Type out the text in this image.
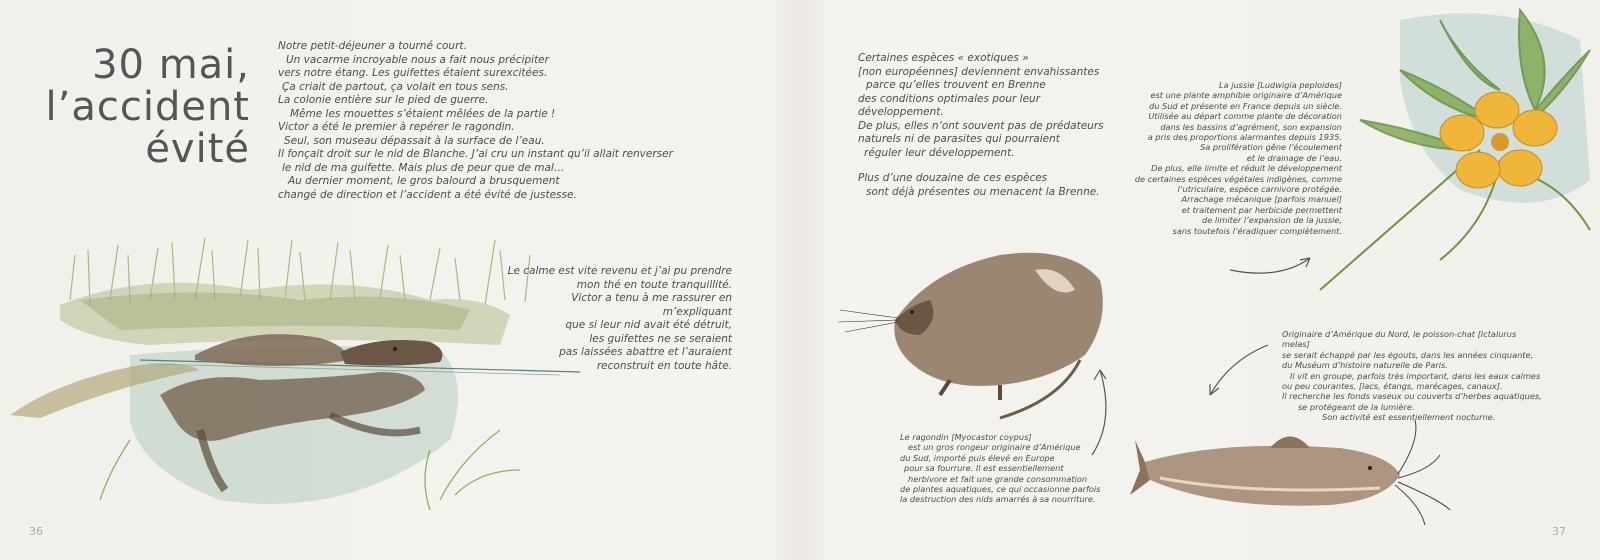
30 mai,
l’accident
évité

Notre petit-déjeuner a tourné court.

Un vacarme incroyable nous a fait nous précipiter

vers notre étang. Les guifettes étaient surexcitées.

Ça criait de partout, ça volait en tous sens.

La colonie entière sur le pied de guerre.

Même les mouettes s’étaient mêlées de la partie !

Victor a été le premier à repérer le ragondin.

Seul, son museau dépassait à la surface de l’eau.

Il fonçait droit sur le nid de Blanche. J’ai cru un instant qu’il allait renverser

le nid de ma guifette. Mais plus de peur que de mal…

Au dernier moment, le gros balourd a brusquement

changé de direction et l’accident a été évité de justesse.

Le calme est vite revenu et j’ai pu prendre

mon thé en toute tranquillité.

Victor a tenu à me rassurer en m’expliquant

que si leur nid avait été détruit,

les guifettes ne se seraient

pas laissées abattre et l’auraient

reconstruit en toute hâte.

36

Certaines espèces « exotiques »
[non européennes] deviennent envahissantes
parce qu’elles trouvent en Brenne
des conditions optimales pour leur développement.
De plus, elles n’ont souvent pas de prédateurs
naturels ni de parasites qui pourraient
réguler leur développement.

Plus d’une douzaine de ces espèces
sont déjà présentes ou menacent la Brenne.

La jussie [Ludwigia peploides]
est une plante amphibie originaire d’Amérique
du Sud et présente en France depuis un siècle.
Utilisée au départ comme plante de décoration
dans les bassins d’agrément, son expansion
a pris des proportions alarmantes depuis 1935.
Sa prolifération gêne l’écoulement
et le drainage de l’eau.
De plus, elle limite et réduit le développement
de certaines espèces végétales indigènes, comme
l’utriculaire, espèce carnivore protégée.
Arrachage mécanique [parfois manuel]
et traitement par herbicide permettent
de limiter l’expansion de la jussie,
sans toutefois l’éradiquer complètement.
Le ragondin [Myocastor coypus]
est un gros rongeur originaire d’Amérique
du Sud, importé puis élevé en Europe
pour sa fourrure. Il est essentiellement
herbivore et fait une grande consommation
de plantes aquatiques, ce qui occasionne parfois
la destruction des nids amarrés à sa nourriture.
Originaire d’Amérique du Nord, le poisson-chat [Ictalurus melas]
se serait échappé par les égouts, dans les années cinquante,
du Muséum d’histoire naturelle de Paris.
Il vit en groupe, parfois très important, dans les eaux calmes
ou peu courantes, [lacs, étangs, marécages, canaux].
Il recherche les fonds vaseux ou couverts d’herbes aquatiques,
se protégeant de la lumière.
Son activité est essentiellement nocturne.
37
